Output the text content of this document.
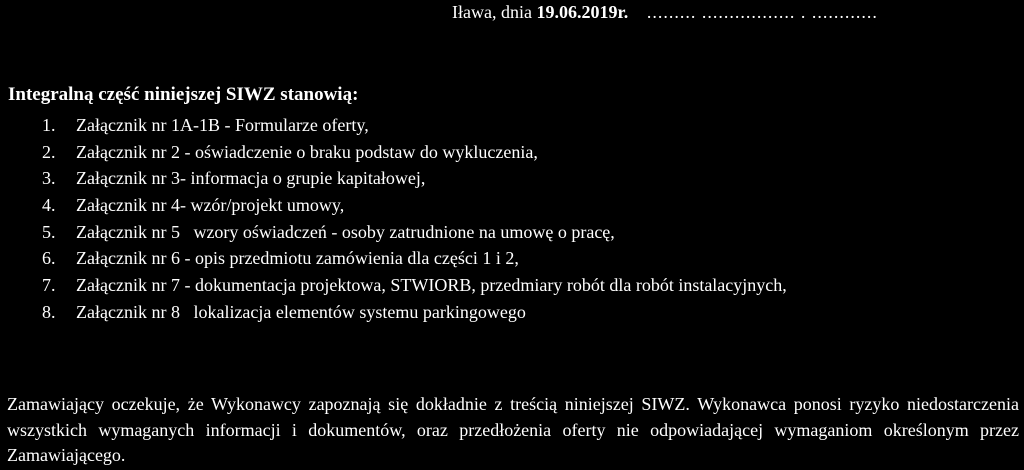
Iława, dnia 19.06.2019r. ......... ................. . ............
Integralną część niniejszej SIWZ stanowią:
1.	Załącznik nr 1A-1B - Formularze oferty,
2.	Załącznik nr 2 - oświadczenie o braku podstaw do wykluczenia,
3.	Załącznik nr 3- informacja o grupie kapitałowej,
4.	Załącznik nr 4- wzór/projekt umowy,
5.	Załącznik nr 5   wzory oświadczeń - osoby zatrudnione na umowę o pracę,
6.	Załącznik nr 6 - opis przedmiotu zamówienia dla części 1 i 2,
7.	Załącznik nr 7 - dokumentacja projektowa, STWIORB, przedmiary robót dla robót instalacyjnych,
8.	Załącznik nr 8   lokalizacja elementów systemu parkingowego

Zamawiający oczekuje, że Wykonawcy zapoznają się dokładnie z treścią niniejszej SIWZ. Wykonawca ponosi ryzyko niedostarczenia wszystkich wymaganych informacji i dokumentów, oraz przedłożenia oferty nie odpowiadającej wymaganiom określonym przez Zamawiającego.
